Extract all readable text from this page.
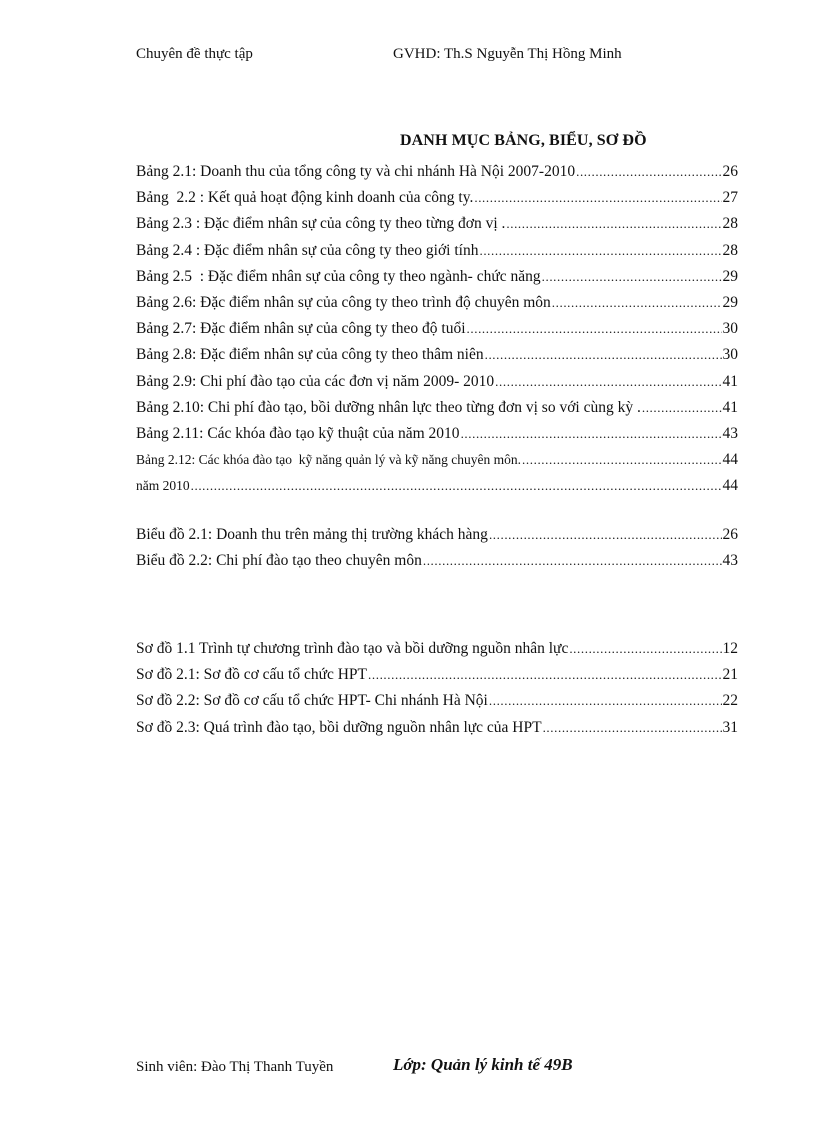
Chuyên đề thực tập	GVHD: Th.S Nguyễn Thị Hồng Minh
DANH MỤC BẢNG, BIỂU, SƠ ĐỒ
Bảng 2.1: Doanh thu của tổng công ty và chi nhánh Hà Nội 2007-2010 .....	26
Bảng  2.2 : Kết quả hoạt động kinh doanh của công ty. .....	27
Bảng 2.3 : Đặc điểm nhân sự của công ty theo từng đơn vị . .....	28
Bảng 2.4 : Đặc điểm nhân sự của công ty theo giới tính .....	28
Bảng 2.5  : Đặc điểm nhân sự của công ty theo ngành- chức năng .....	29
Bảng 2.6: Đặc điểm nhân sự của công ty theo trình độ chuyên môn .....	29
Bảng 2.7: Đặc điểm nhân sự của công ty theo độ tuổi .....	30
Bảng 2.8: Đặc điểm nhân sự của công ty theo thâm niên .....	30
Bảng 2.9: Chi phí đào tạo của các đơn vị năm 2009- 2010 .....	41
Bảng 2.10: Chi phí đào tạo, bồi dưỡng nhân lực theo từng đơn vị so với cùng kỳ . .....	41
Bảng 2.11: Các khóa đào tạo kỹ thuật của năm 2010 .....	43
Bảng 2.12: Các khóa đào tạo  kỹ năng quản lý và kỹ năng chuyên môn. .....	44
năm 2010 .....	44
Biểu đồ 2.1: Doanh thu trên mảng thị trường khách hàng .....	26
Biểu đồ 2.2: Chi phí đào tạo theo chuyên môn .....	43
Sơ đồ 1.1 Trình tự chương trình đào tạo và bồi dưỡng nguồn nhân lực .....	12
Sơ đồ 2.1: Sơ đồ cơ cấu tổ chức HPT .....	21
Sơ đồ 2.2: Sơ đồ cơ cấu tổ chức HPT- Chi nhánh Hà Nội .....	22
Sơ đồ 2.3: Quá trình đào tạo, bồi dưỡng nguồn nhân lực của HPT .....	31
Sinh viên: Đào Thị Thanh Tuyền	Lớp: Quản lý kinh tế 49B
